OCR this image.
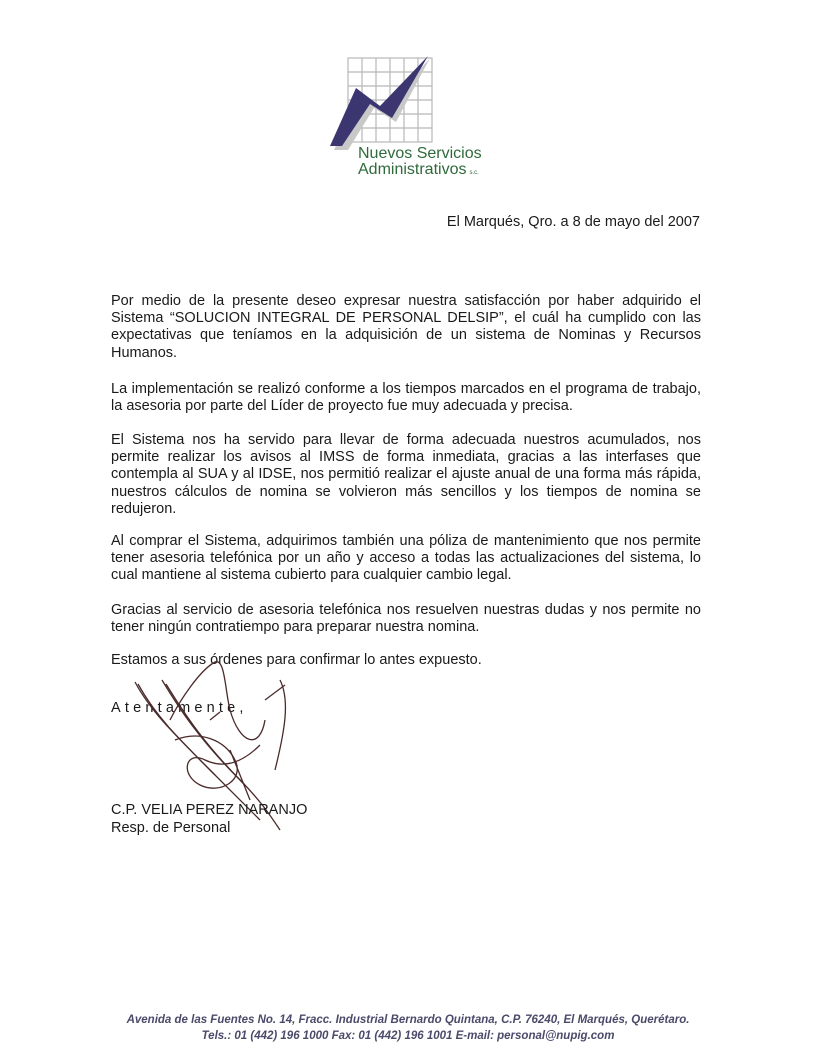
Nuevos Servicios
Administrativos s.c.
El Marqués, Qro. a 8 de mayo del 2007
Por medio de la presente deseo expresar nuestra satisfacción por haber adquirido el Sistema “SOLUCION INTEGRAL DE PERSONAL DELSIP”, el cuál ha cumplido con las expectativas que teníamos en la adquisición de un sistema de Nominas y Recursos Humanos.
La implementación se realizó conforme a los tiempos marcados en el programa de trabajo, la asesoria por parte del Líder de proyecto fue muy adecuada y precisa.
El Sistema nos ha servido para llevar de forma adecuada nuestros acumulados, nos permite realizar los avisos al IMSS de forma inmediata, gracias a las interfases que contempla al SUA y al IDSE, nos permitió realizar el ajuste anual de una forma más rápida, nuestros cálculos de nomina se volvieron más sencillos y los tiempos de nomina se redujeron.
Al comprar el Sistema, adquirimos también una póliza de mantenimiento que nos permite tener asesoria telefónica por un año y acceso a todas las actualizaciones del sistema, lo cual mantiene al sistema cubierto para cualquier cambio legal.
Gracias al servicio de asesoria telefónica nos resuelven nuestras dudas y nos permite no tener ningún contratiempo para preparar nuestra nomina.
Estamos a sus órdenes para confirmar lo antes expuesto.
Atentamente,
C.P. VELIA PEREZ NARANJO
Resp. de Personal
Avenida de las Fuentes No. 14, Fracc. Industrial Bernardo Quintana, C.P. 76240, El Marqués, Querétaro.
Tels.: 01 (442) 196 1000 Fax: 01 (442) 196 1001 E-mail: personal@nupig.com
